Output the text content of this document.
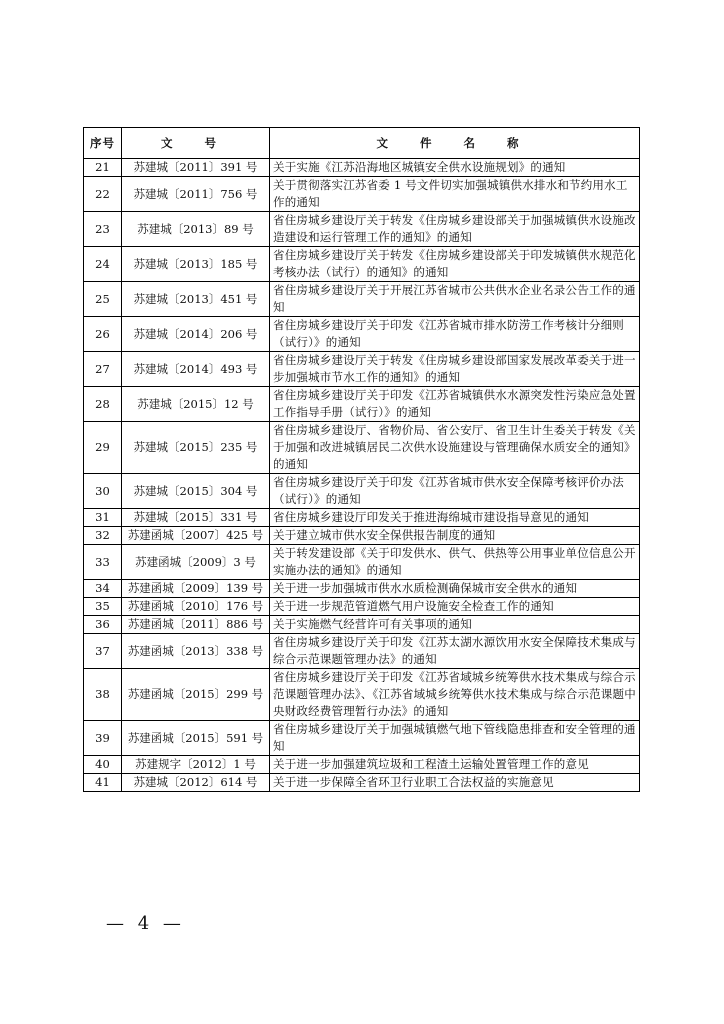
序号	文 号	文 件 名 称
21	苏建城〔2011〕391 号	关于实施《江苏沿海地区城镇安全供水设施规划》的通知
22	苏建城〔2011〕756 号	关于贯彻落实江苏省委 1 号文件切实加强城镇供水排水和节约用水工作的通知
23	苏建城〔2013〕89 号	省住房城乡建设厅关于转发《住房城乡建设部关于加强城镇供水设施改造建设和运行管理工作的通知》的通知
24	苏建城〔2013〕185 号	省住房城乡建设厅关于转发《住房城乡建设部关于印发城镇供水规范化考核办法（试行）的通知》的通知
25	苏建城〔2013〕451 号	省住房城乡建设厅关于开展江苏省城市公共供水企业名录公告工作的通知
26	苏建城〔2014〕206 号	省住房城乡建设厅关于印发《江苏省城市排水防涝工作考核计分细则（试行）》的通知
27	苏建城〔2014〕493 号	省住房城乡建设厅关于转发《住房城乡建设部国家发展改革委关于进一步加强城市节水工作的通知》的通知
28	苏建城〔2015〕12 号	省住房城乡建设厅关于印发《江苏省城镇供水水源突发性污染应急处置工作指导手册（试行）》的通知
29	苏建城〔2015〕235 号	省住房城乡建设厅、省物价局、省公安厅、省卫生计生委关于转发《关于加强和改进城镇居民二次供水设施建设与管理确保水质安全的通知》的通知
30	苏建城〔2015〕304 号	省住房城乡建设厅关于印发《江苏省城市供水安全保障考核评价办法（试行）》的通知
31	苏建城〔2015〕331 号	省住房城乡建设厅印发关于推进海绵城市建设指导意见的通知
32	苏建函城〔2007〕425 号	关于建立城市供水安全保供报告制度的通知
33	苏建函城〔2009〕3 号	关于转发建设部《关于印发供水、供气、供热等公用事业单位信息公开实施办法的通知》的通知
34	苏建函城〔2009〕139 号	关于进一步加强城市供水水质检测确保城市安全供水的通知
35	苏建函城〔2010〕176 号	关于进一步规范管道燃气用户设施安全检查工作的通知
36	苏建函城〔2011〕886 号	关于实施燃气经营许可有关事项的通知
37	苏建函城〔2013〕338 号	省住房城乡建设厅关于印发《江苏太湖水源饮用水安全保障技术集成与综合示范课题管理办法》的通知
38	苏建函城〔2015〕299 号	省住房城乡建设厅关于印发《江苏省域城乡统筹供水技术集成与综合示范课题管理办法》、《江苏省域城乡统筹供水技术集成与综合示范课题中央财政经费管理暂行办法》的通知
39	苏建函城〔2015〕591 号	省住房城乡建设厅关于加强城镇燃气地下管线隐患排查和安全管理的通知
40	苏建规字〔2012〕1 号	关于进一步加强建筑垃圾和工程渣土运输处置管理工作的意见
41	苏建城〔2012〕614 号	关于进一步保障全省环卫行业职工合法权益的实施意见
— 4 —
